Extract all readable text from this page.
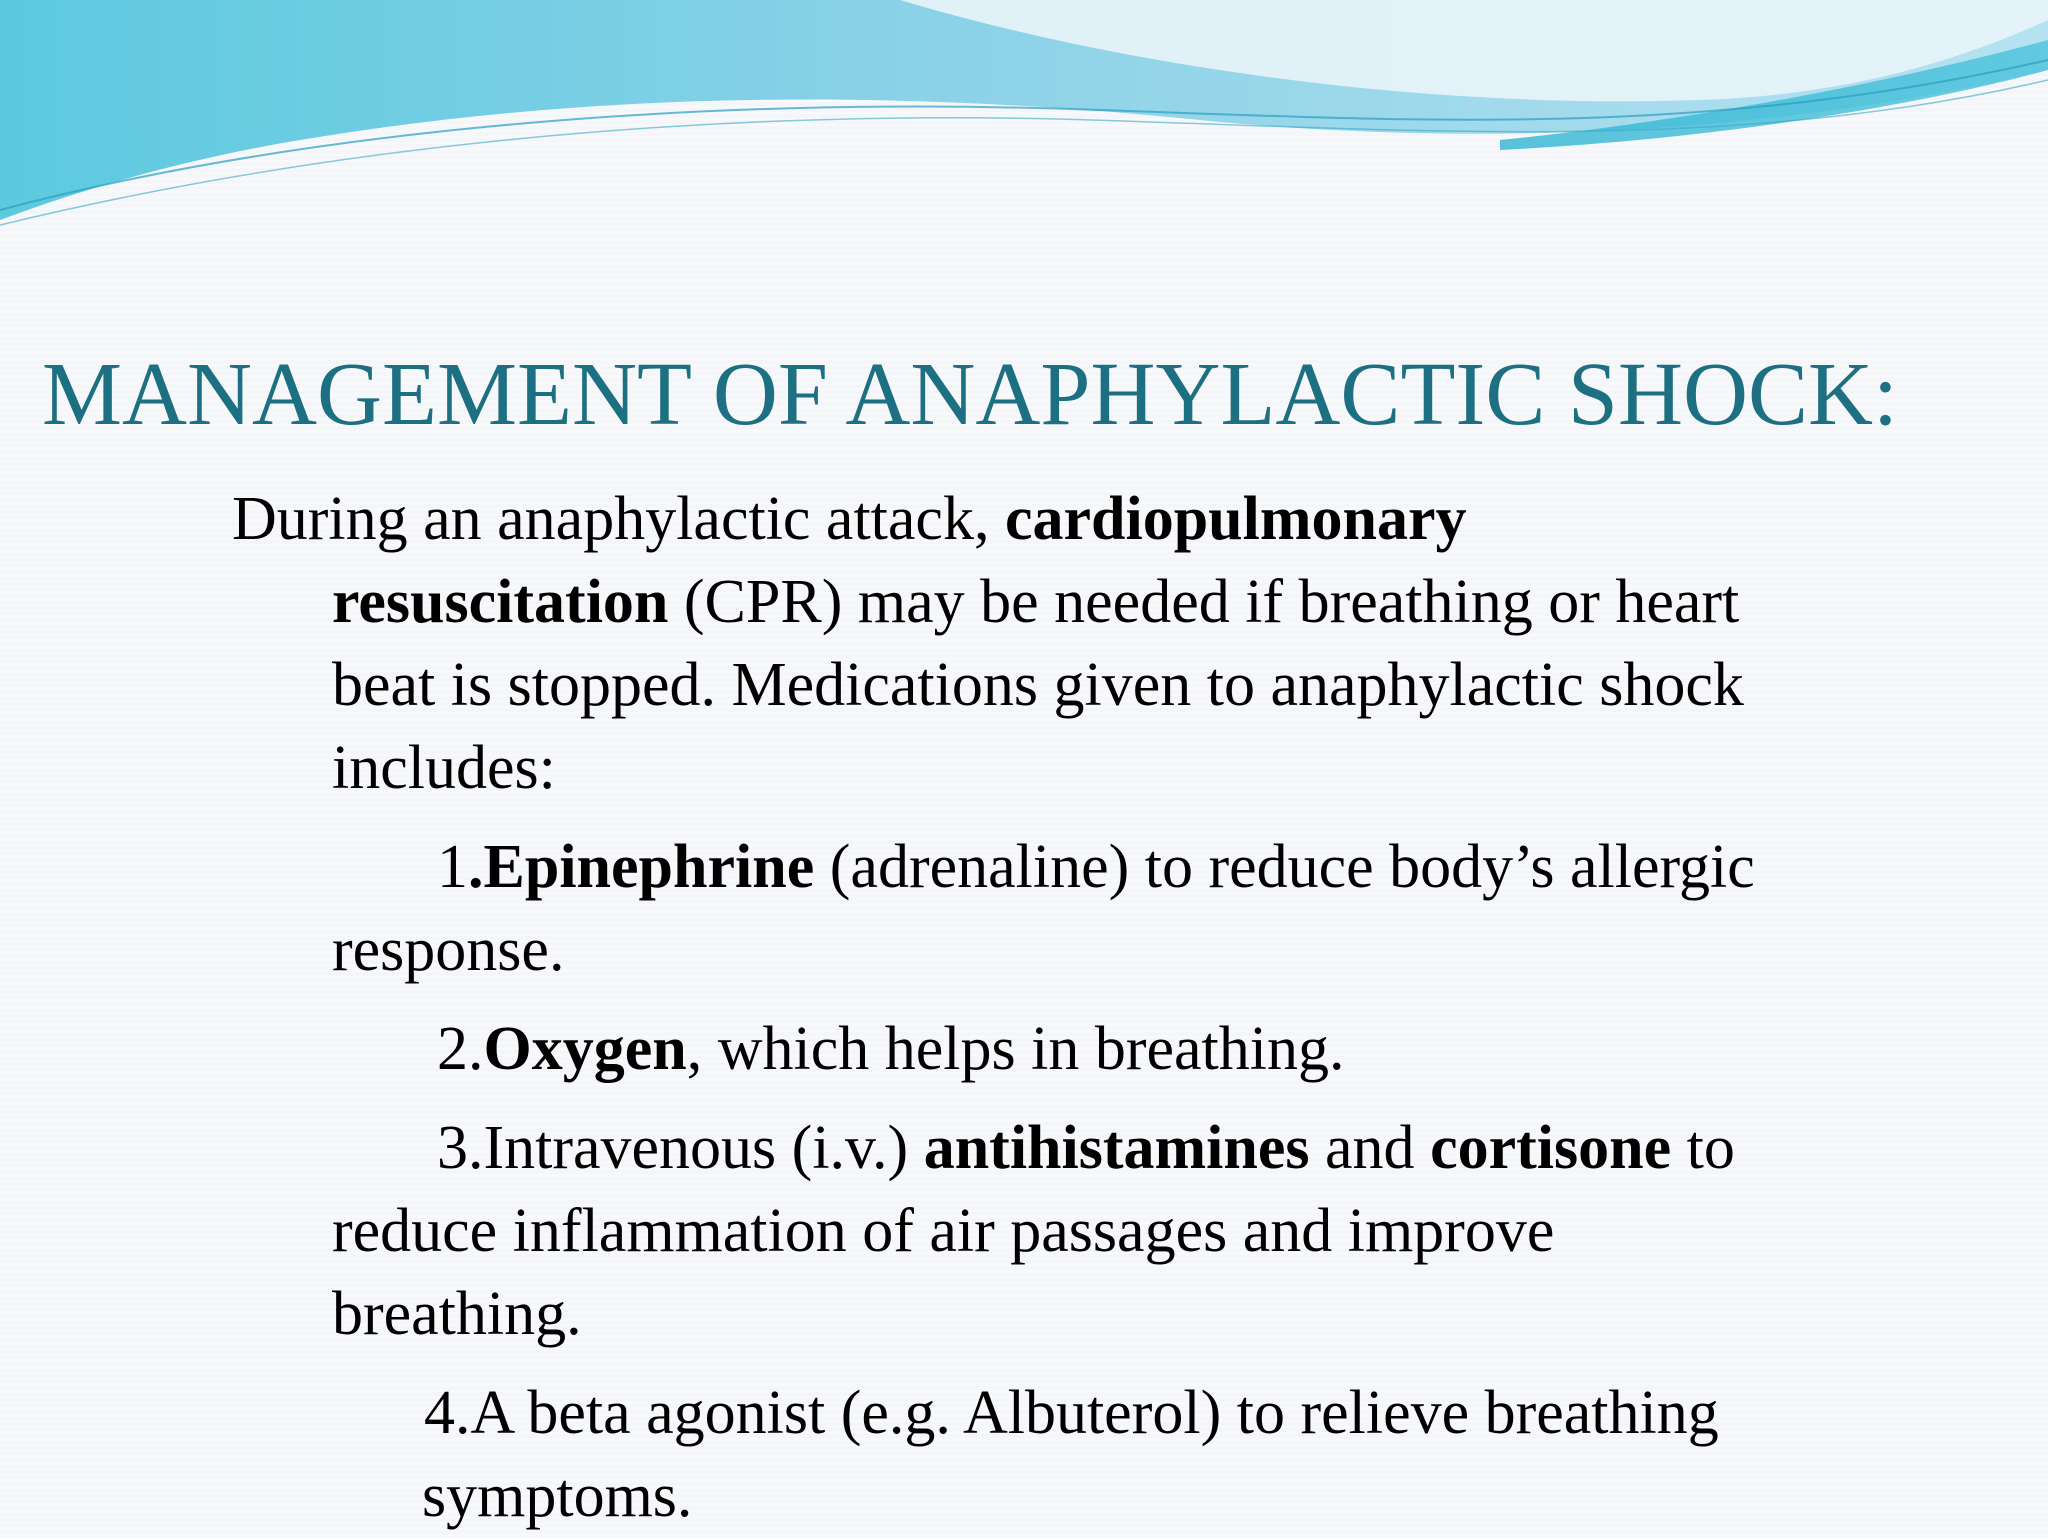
MANAGEMENT OF ANAPHYLACTIC SHOCK:
During an anaphylactic attack, cardiopulmonary
resuscitation (CPR) may be needed if breathing or heart
beat is stopped. Medications given to anaphylactic shock
includes:
1.Epinephrine (adrenaline) to reduce body’s allergic
response.
2.Oxygen, which helps in breathing.
3.Intravenous (i.v.) antihistamines and cortisone to
reduce inflammation of air passages and improve
breathing.
4.A beta agonist (e.g. Albuterol) to relieve breathing
symptoms.
